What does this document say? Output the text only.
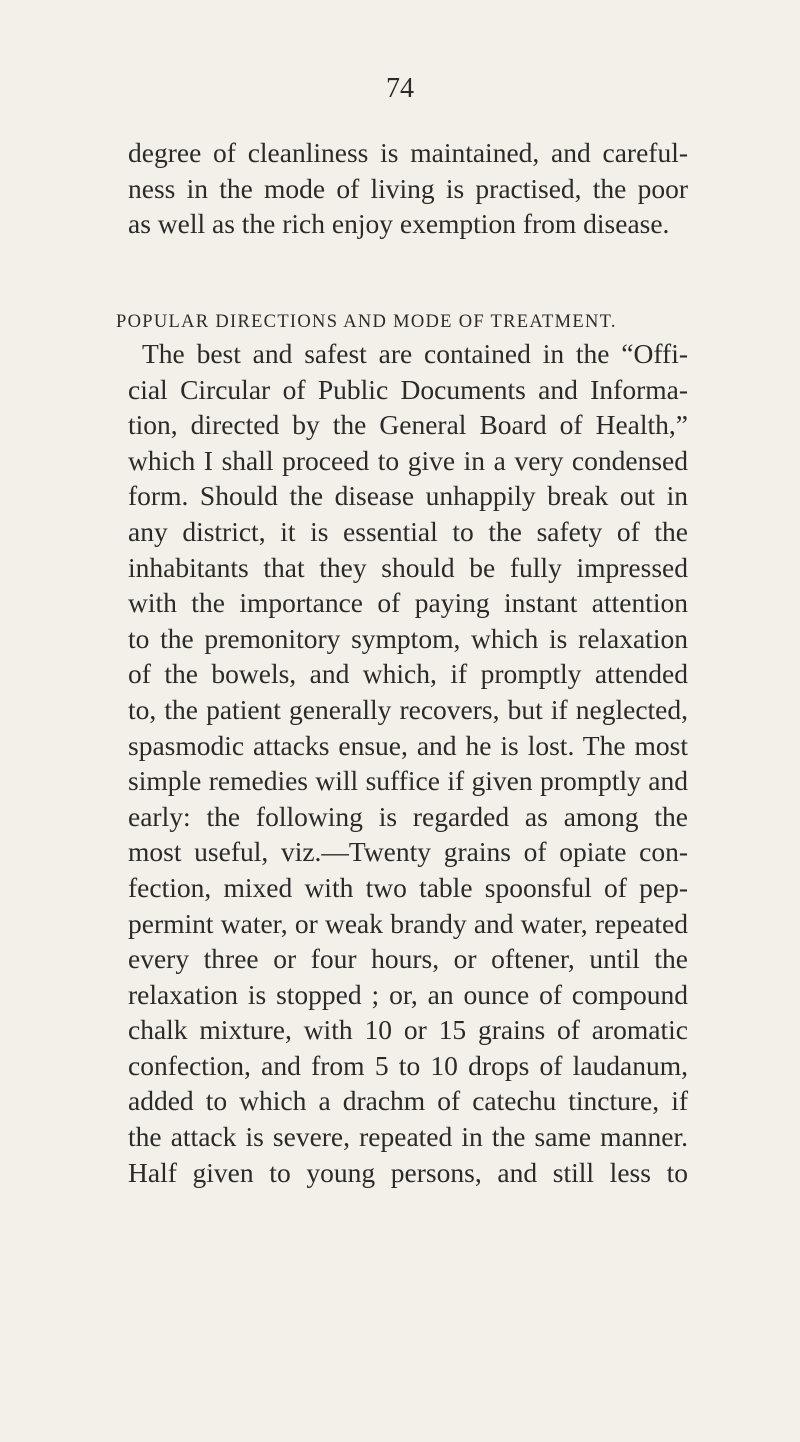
74
degree of cleanliness is maintained, and careful-
ness in the mode of living is practised, the poor
as well as the rich enjoy exemption from disease.
POPULAR DIRECTIONS AND MODE OF TREATMENT.
The best and safest are contained in the “Offi-
cial Circular of Public Documents and Informa-
tion, directed by the General Board of Health,”
which I shall proceed to give in a very condensed
form. Should the disease unhappily break out in
any district, it is essential to the safety of the
inhabitants that they should be fully impressed
with the importance of paying instant attention
to the premonitory symptom, which is relaxation
of the bowels, and which, if promptly attended
to, the patient generally recovers, but if neglected,
spasmodic attacks ensue, and he is lost. The most
simple remedies will suffice if given promptly and
early: the following is regarded as among the
most useful, viz.—Twenty grains of opiate con-
fection, mixed with two table spoonsful of pep-
permint water, or weak brandy and water, repeated
every three or four hours, or oftener, until the
relaxation is stopped ; or, an ounce of compound
chalk mixture, with 10 or 15 grains of aromatic
confection, and from 5 to 10 drops of laudanum,
added to which a drachm of catechu tincture, if
the attack is severe, repeated in the same manner.
Half given to young persons, and still less to
